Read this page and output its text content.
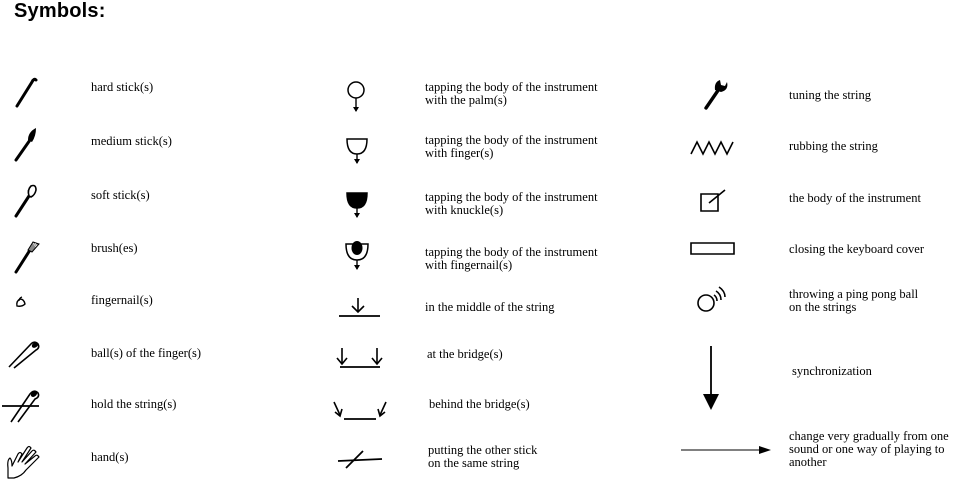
Symbols:
hard stick(s)
medium stick(s)
soft stick(s)
brush(es)
fingernail(s)
ball(s) of the finger(s)
hold the string(s)
hand(s)
tapping the body of the instrument
with the palm(s)
tapping the body of the instrument
with finger(s)
tapping the body of the instrument
with knuckle(s)
tapping the body of the instrument
with fingernail(s)
in the middle of the string
at the bridge(s)
behind the bridge(s)
putting the other stick
on the same string
tuning the string
rubbing the string
the body of the instrument
closing the keyboard cover
throwing a ping pong ball
on the strings
synchronization
change very gradually from one
sound or one way of playing to
another
